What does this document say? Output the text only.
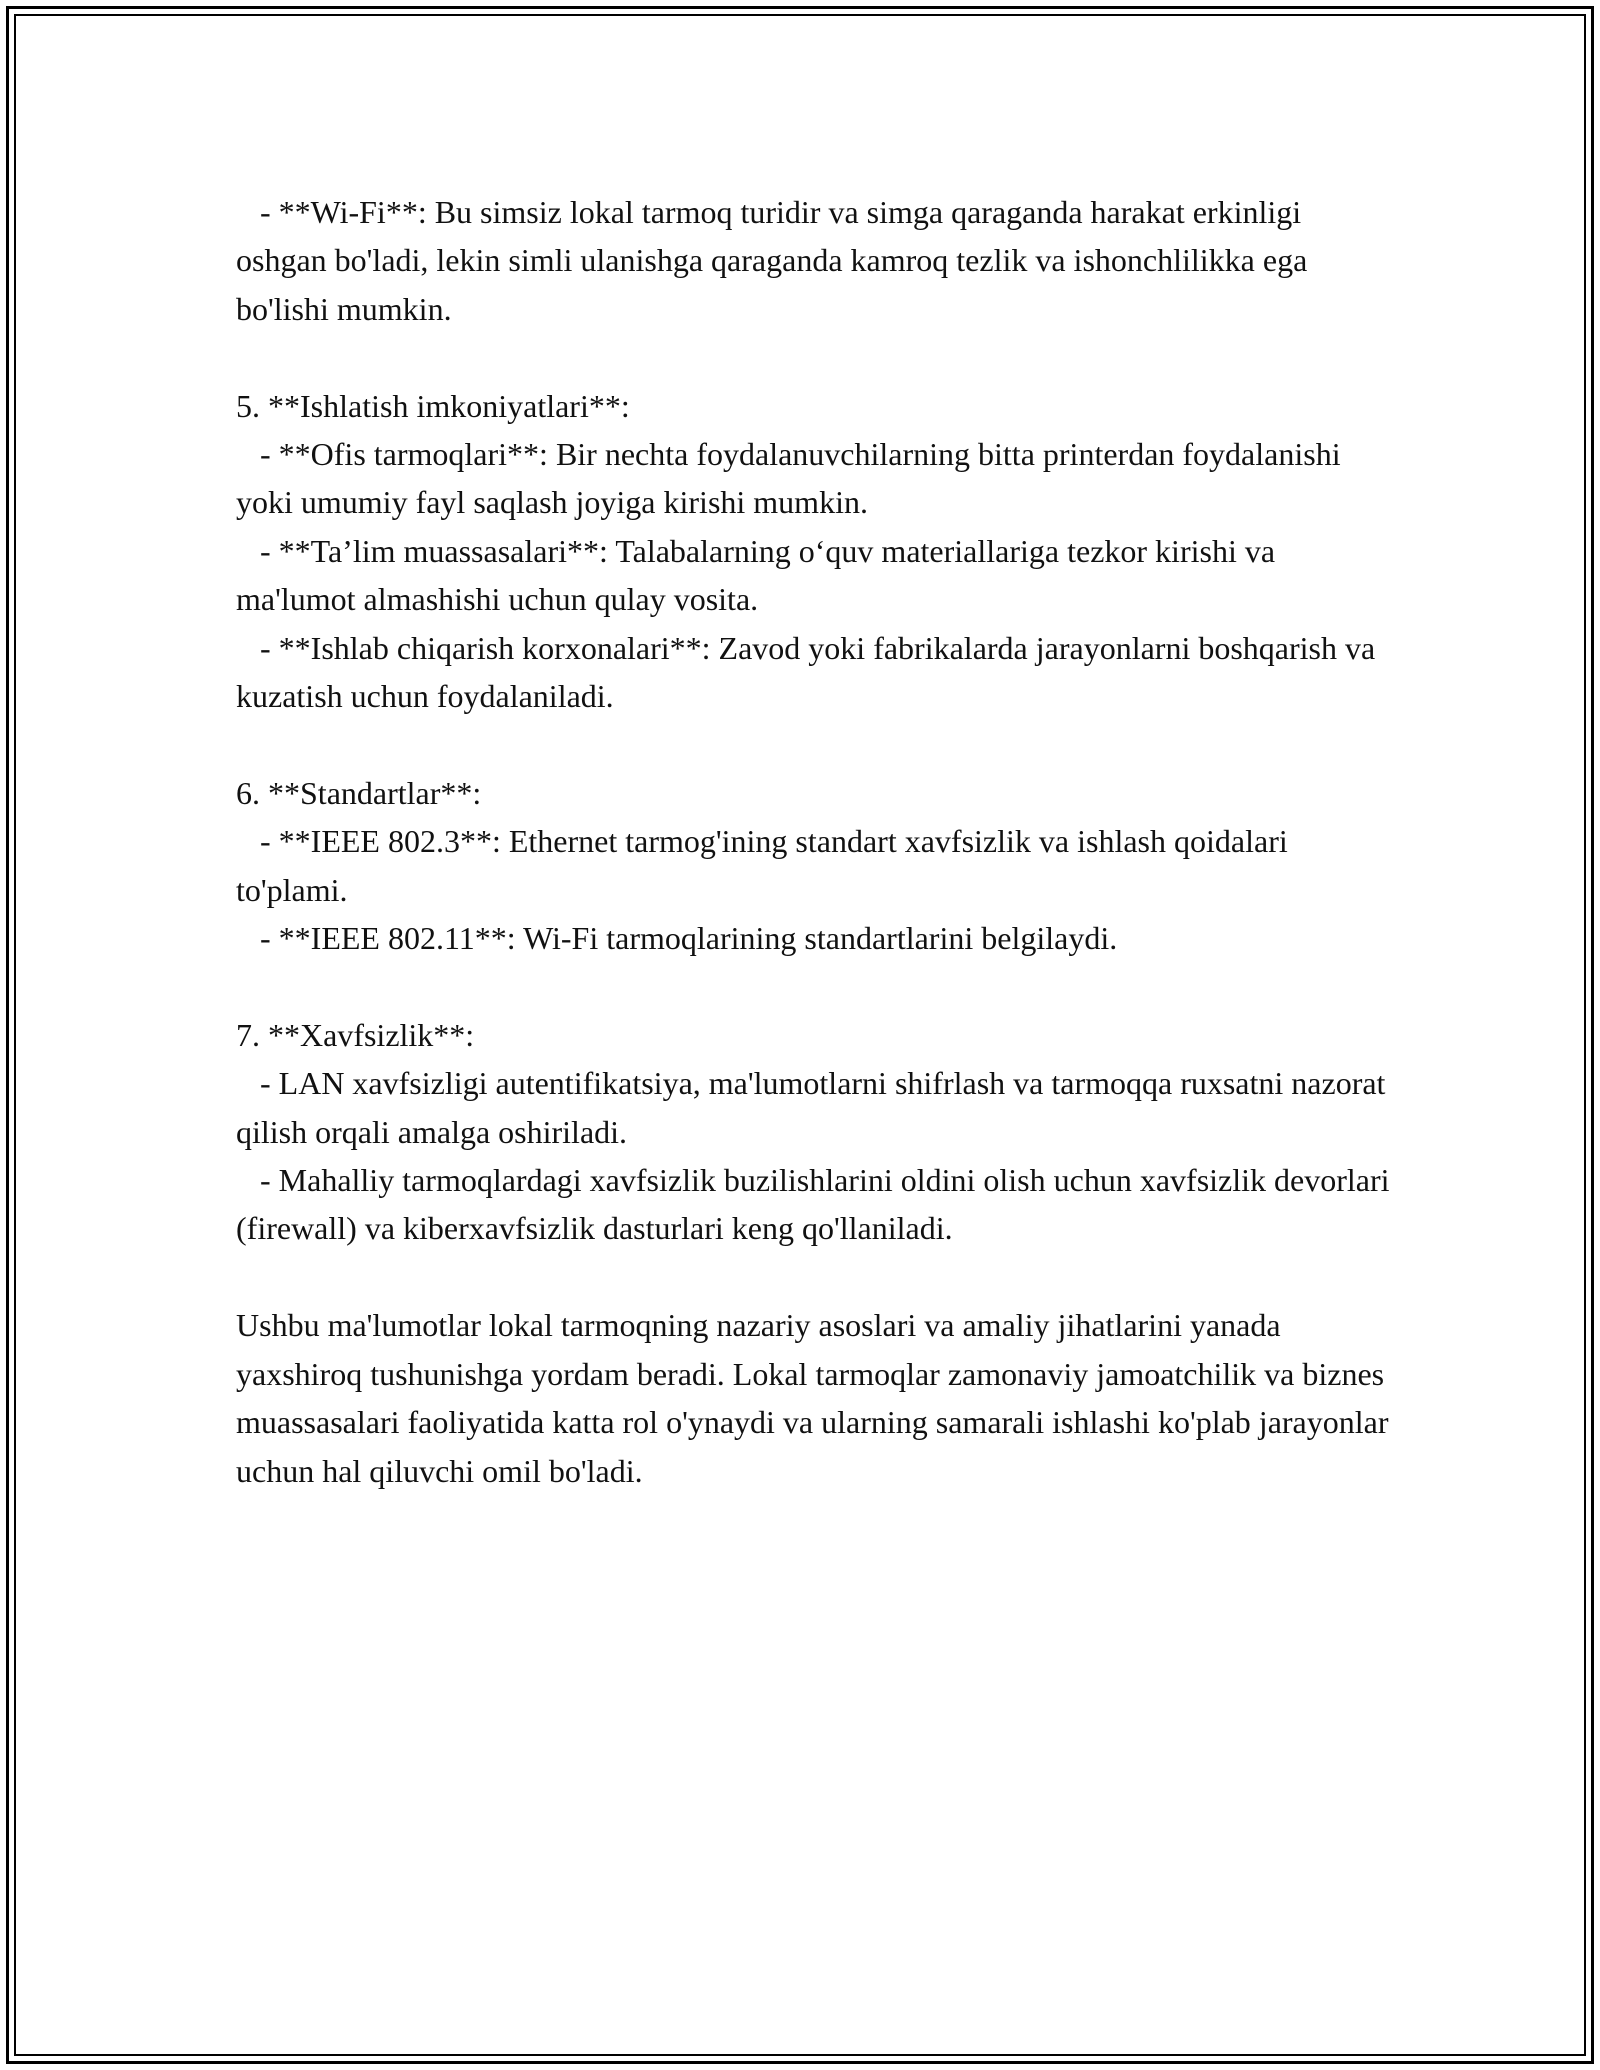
- **Wi-Fi**: Bu simsiz lokal tarmoq turidir va simga qaraganda harakat erkinligi oshgan bo'ladi, lekin simli ulanishga qaraganda kamroq tezlik va ishonchlilikka ega bo'lishi mumkin.

5. **Ishlatish imkoniyatlari**:

- **Ofis tarmoqlari**: Bir nechta foydalanuvchilarning bitta printerdan foydalanishi yoki umumiy fayl saqlash joyiga kirishi mumkin.

- **Ta’lim muassasalari**: Talabalarning o‘quv materiallariga tezkor kirishi va ma'lumot almashishi uchun qulay vosita.

- **Ishlab chiqarish korxonalari**: Zavod yoki fabrikalarda jarayonlarni boshqarish va kuzatish uchun foydalaniladi.

6. **Standartlar**:

- **IEEE 802.3**: Ethernet tarmog'ining standart xavfsizlik va ishlash qoidalari to'plami.

- **IEEE 802.11**: Wi-Fi tarmoqlarining standartlarini belgilaydi.

7. **Xavfsizlik**:

- LAN xavfsizligi autentifikatsiya, ma'lumotlarni shifrlash va tarmoqqa ruxsatni nazorat qilish orqali amalga oshiriladi.

- Mahalliy tarmoqlardagi xavfsizlik buzilishlarini oldini olish uchun xavfsizlik devorlari (firewall) va kiberxavfsizlik dasturlari keng qo'llaniladi.

Ushbu ma'lumotlar lokal tarmoqning nazariy asoslari va amaliy jihatlarini yanada yaxshiroq tushunishga yordam beradi. Lokal tarmoqlar zamonaviy jamoatchilik va biznes muassasalari faoliyatida katta rol o'ynaydi va ularning samarali ishlashi ko'plab jarayonlar uchun hal qiluvchi omil bo'ladi.
